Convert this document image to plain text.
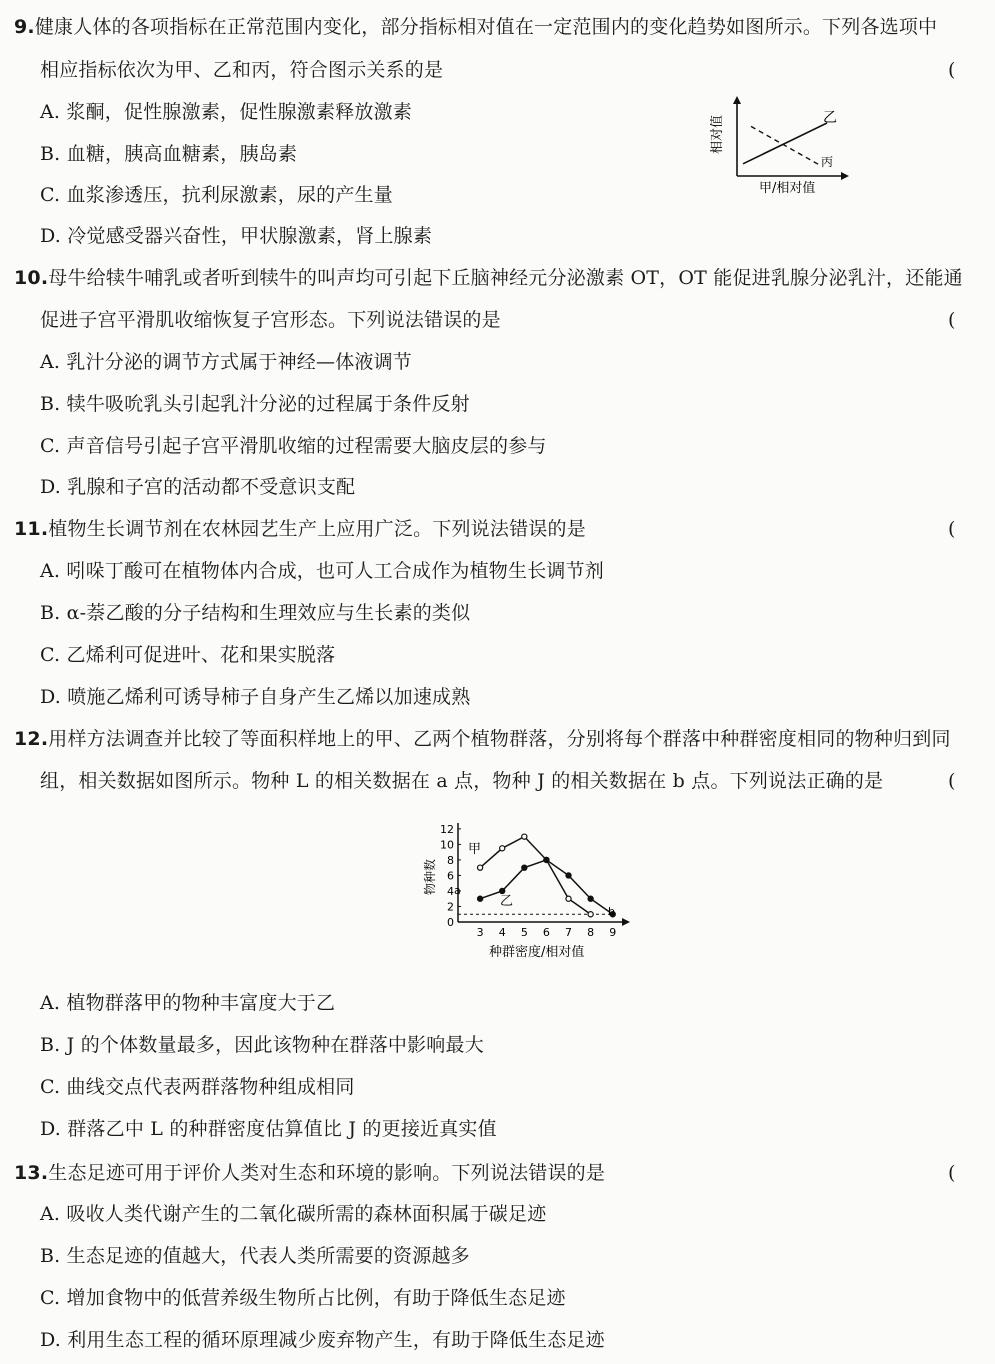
9.健康人体的各项指标在正常范围内变化，部分指标相对值在一定范围内的变化趋势如图所示。下列各选项中
相应指标依次为甲、乙和丙，符合图示关系的是	(
A. 浆酮，促性腺激素，促性腺激素释放激素
B. 血糖，胰高血糖素，胰岛素
C. 血浆渗透压，抗利尿激素，尿的产生量
D. 冷觉感受器兴奋性，甲状腺激素，肾上腺素
乙
丙
相对值
甲/相对值
10.母牛给犊牛哺乳或者听到犊牛的叫声均可引起下丘脑神经元分泌激素 OT，OT 能促进乳腺分泌乳汁，还能通
促进子宫平滑肌收缩恢复子宫形态。下列说法错误的是	(
A. 乳汁分泌的调节方式属于神经—体液调节
B. 犊牛吸吮乳头引起乳汁分泌的过程属于条件反射
C. 声音信号引起子宫平滑肌收缩的过程需要大脑皮层的参与
D. 乳腺和子宫的活动都不受意识支配
11.植物生长调节剂在农林园艺生产上应用广泛。下列说法错误的是	(
A. 吲哚丁酸可在植物体内合成，也可人工合成作为植物生长调节剂
B. α-萘乙酸的分子结构和生理效应与生长素的类似
C. 乙烯利可促进叶、花和果实脱落
D. 喷施乙烯利可诱导柿子自身产生乙烯以加速成熟
12.用样方法调查并比较了等面积样地上的甲、乙两个植物群落，分别将每个群落中种群密度相同的物种归到同
组，相关数据如图所示。物种 L 的相关数据在 a 点，物种 J 的相关数据在 b 点。下列说法正确的是	(
0
2
4
6
8
10
12
3 4 5 6 7 8 9
物种数
种群密度/相对值
甲
乙
a
b
A. 植物群落甲的物种丰富度大于乙
B. J 的个体数量最多，因此该物种在群落中影响最大
C. 曲线交点代表两群落物种组成相同
D. 群落乙中 L 的种群密度估算值比 J 的更接近真实值
13.生态足迹可用于评价人类对生态和环境的影响。下列说法错误的是	(
A. 吸收人类代谢产生的二氧化碳所需的森林面积属于碳足迹
B. 生态足迹的值越大，代表人类所需要的资源越多
C. 增加食物中的低营养级生物所占比例，有助于降低生态足迹
D. 利用生态工程的循环原理减少废弃物产生，有助于降低生态足迹
